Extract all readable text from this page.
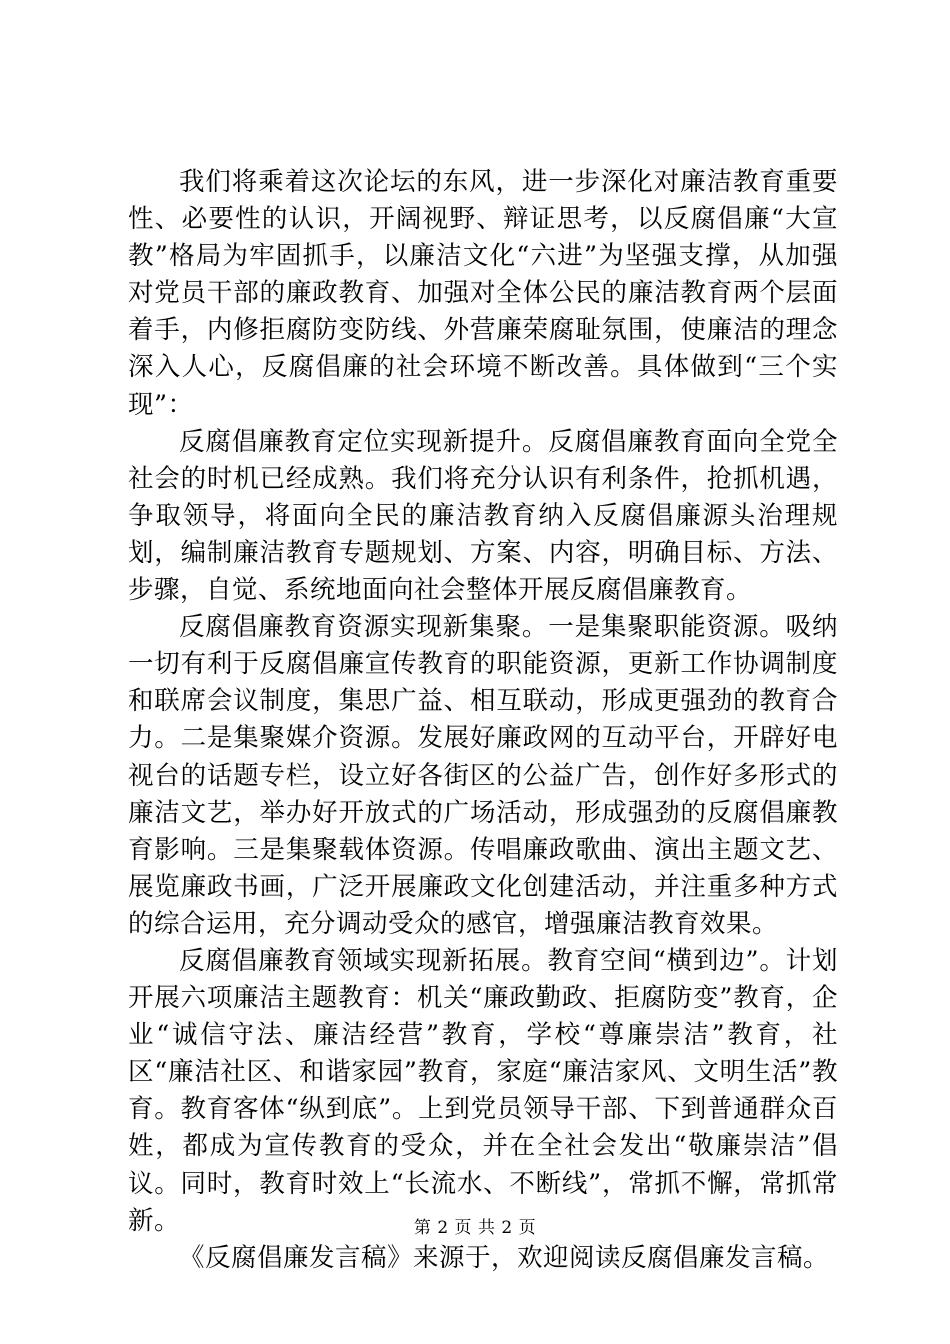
我们将乘着这次论坛的东风，进一步深化对廉洁教育重要性、必要性的认识，开阔视野、辩证思考，以反腐倡廉“大宣教”格局为牢固抓手，以廉洁文化“六进”为坚强支撑，从加强对党员干部的廉政教育、加强对全体公民的廉洁教育两个层面着手，内修拒腐防变防线、外营廉荣腐耻氛围，使廉洁的理念深入人心，反腐倡廉的社会环境不断改善。具体做到“三个实现”：

反腐倡廉教育定位实现新提升。反腐倡廉教育面向全党全社会的时机已经成熟。我们将充分认识有利条件，抢抓机遇，争取领导，将面向全民的廉洁教育纳入反腐倡廉源头治理规划，编制廉洁教育专题规划、方案、内容，明确目标、方法、步骤，自觉、系统地面向社会整体开展反腐倡廉教育。

反腐倡廉教育资源实现新集聚。一是集聚职能资源。吸纳一切有利于反腐倡廉宣传教育的职能资源，更新工作协调制度和联席会议制度，集思广益、相互联动，形成更强劲的教育合力。二是集聚媒介资源。发展好廉政网的互动平台，开辟好电视台的话题专栏，设立好各街区的公益广告，创作好多形式的廉洁文艺，举办好开放式的广场活动，形成强劲的反腐倡廉教育影响。三是集聚载体资源。传唱廉政歌曲、演出主题文艺、展览廉政书画，广泛开展廉政文化创建活动，并注重多种方式的综合运用，充分调动受众的感官，增强廉洁教育效果。

反腐倡廉教育领域实现新拓展。教育空间“横到边”。计划开展六项廉洁主题教育：机关“廉政勤政、拒腐防变”教育，企业“诚信守法、廉洁经营”教育，学校“尊廉崇洁”教育，社区“廉洁社区、和谐家园”教育，家庭“廉洁家风、文明生活”教育。教育客体“纵到底”。上到党员领导干部、下到普通群众百姓，都成为宣传教育的受众，并在全社会发出“敬廉崇洁”倡议。同时，教育时效上“长流水、不断线”，常抓不懈，常抓常新。

《反腐倡廉发言稿》来源于，欢迎阅读反腐倡廉发言稿。

第 2 页 共 2 页
